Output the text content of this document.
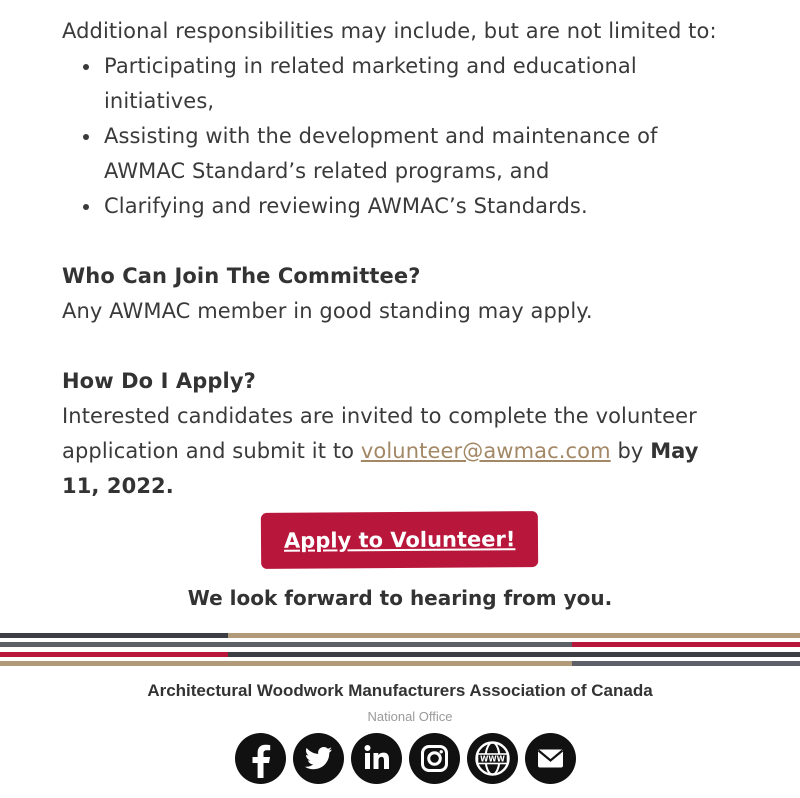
Additional responsibilities may include, but are not limited to:

• Participating in related marketing and educational initiatives,
• Assisting with the development and maintenance of AWMAC Standard’s related programs, and
• Clarifying and reviewing AWMAC’s Standards.

Who Can Join The Committee?

Any AWMAC member in good standing may apply.

How Do I Apply?

Interested candidates are invited to complete the volunteer application and submit it to volunteer@awmac.com by May 11, 2022.

Apply to Volunteer!
We look forward to hearing from you.
Architectural Woodwork Manufacturers Association of Canada
National Office
WWW
